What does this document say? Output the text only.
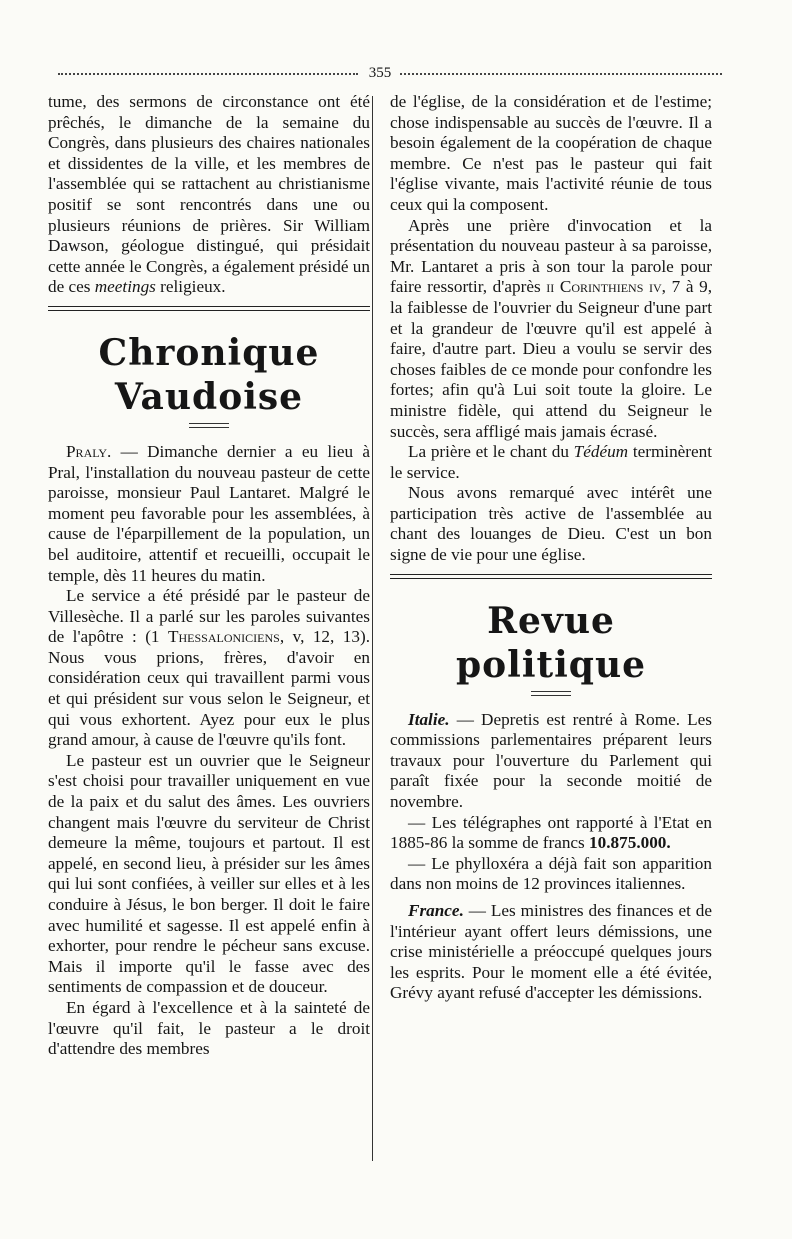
355

tume, des sermons de circonstance ont été prêchés, le dimanche de la semaine du Congrès, dans plusieurs des chaires nationales et dissidentes de la ville, et les membres de l'assemblée qui se rattachent au christianisme positif se sont rencontrés dans une ou plusieurs réunions de prières. Sir William Dawson, géologue distingué, qui présidait cette année le Congrès, a également présidé un de ces meetings religieux.

Chronique Vaudoise

Praly. — Dimanche dernier a eu lieu à Pral, l'installation du nouveau pasteur de cette paroisse, monsieur Paul Lantaret. Malgré le moment peu favorable pour les assemblées, à cause de l'éparpillement de la population, un bel auditoire, attentif et recueilli, occupait le temple, dès 11 heures du matin.

Le service a été présidé par le pasteur de Villesèche. Il a parlé sur les paroles suivantes de l'apôtre : (1 Thessaloniciens, v, 12, 13). Nous vous prions, frères, d'avoir en considération ceux qui travaillent parmi vous et qui président sur vous selon le Seigneur, et qui vous exhortent. Ayez pour eux le plus grand amour, à cause de l'œuvre qu'ils font.

Le pasteur est un ouvrier que le Seigneur s'est choisi pour travailler uniquement en vue de la paix et du salut des âmes. Les ouvriers changent mais l'œuvre du serviteur de Christ demeure la même, toujours et partout. Il est appelé, en second lieu, à présider sur les âmes qui lui sont confiées, à veiller sur elles et à les conduire à Jésus, le bon berger. Il doit le faire avec humilité et sagesse. Il est appelé enfin à exhorter, pour rendre le pécheur sans excuse. Mais il importe qu'il le fasse avec des sentiments de compassion et de douceur.

En égard à l'excellence et à la sainteté de l'œuvre qu'il fait, le pasteur a le droit d'attendre des membres

de l'église, de la considération et de l'estime; chose indispensable au succès de l'œuvre. Il a besoin également de la coopération de chaque membre. Ce n'est pas le pasteur qui fait l'église vivante, mais l'activité réunie de tous ceux qui la composent.

Après une prière d'invocation et la présentation du nouveau pasteur à sa paroisse, Mr. Lantaret a pris à son tour la parole pour faire ressortir, d'après ii Corinthiens iv, 7 à 9, la faiblesse de l'ouvrier du Seigneur d'une part et la grandeur de l'œuvre qu'il est appelé à faire, d'autre part. Dieu a voulu se servir des choses faibles de ce monde pour confondre les fortes; afin qu'à Lui soit toute la gloire. Le ministre fidèle, qui attend du Seigneur le succès, sera affligé mais jamais écrasé.

La prière et le chant du Tédéum terminèrent le service.

Nous avons remarqué avec intérêt une participation très active de l'assemblée au chant des louanges de Dieu. C'est un bon signe de vie pour une église.

Revue politique

Italie. — Depretis est rentré à Rome. Les commissions parlementaires préparent leurs travaux pour l'ouverture du Parlement qui paraît fixée pour la seconde moitié de novembre.

— Les télégraphes ont rapporté à l'Etat en 1885-86 la somme de francs 10.875.000.

— Le phylloxéra a déjà fait son apparition dans non moins de 12 provinces italiennes.

France. — Les ministres des finances et de l'intérieur ayant offert leurs démissions, une crise ministérielle a préoccupé quelques jours les esprits. Pour le moment elle a été évitée, Grévy ayant refusé d'accepter les démissions.
